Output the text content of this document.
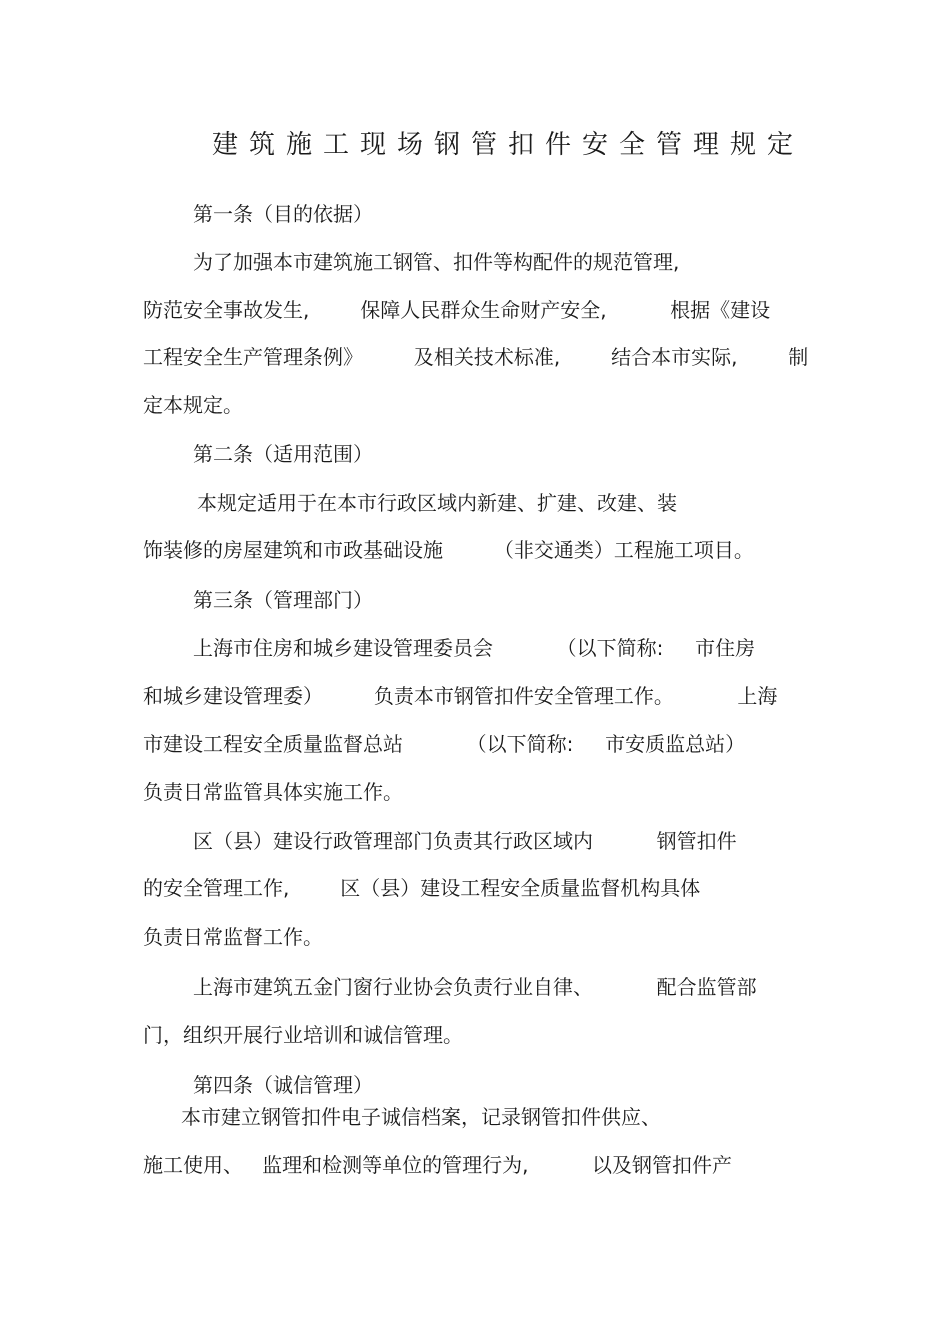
建筑施工现场钢管扣件安全管理规定
第一条（目的依据）
为了加强本市建筑施工钢管、扣件等构配件的规范管理,
防范安全事故发生,        保障人民群众生命财产安全,          根据《建设
工程安全生产管理条例》        及相关技术标准,        结合本市实际,        制
定本规定。
第二条（适用范围）
本规定适用于在本市行政区域内新建、扩建、改建、装
饰装修的房屋建筑和市政基础设施        （非交通类）工程施工项目。
第三条（管理部门）
上海市住房和城乡建设管理委员会          （以下简称:     市住房
和城乡建设管理委）        负责本市钢管扣件安全管理工作。          上海
市建设工程安全质量监督总站          （以下简称:     市安质监总站）
负责日常监管具体实施工作。
区（县）建设行政管理部门负责其行政区域内          钢管扣件
的安全管理工作,        区（县）建设工程安全质量监督机构具体
负责日常监督工作。
上海市建筑五金门窗行业协会负责行业自律、          配合监管部
门，组织开展行业培训和诚信管理。
第四条（诚信管理）
本市建立钢管扣件电子诚信档案，记录钢管扣件供应、
施工使用、   监理和检测等单位的管理行为,          以及钢管扣件产
